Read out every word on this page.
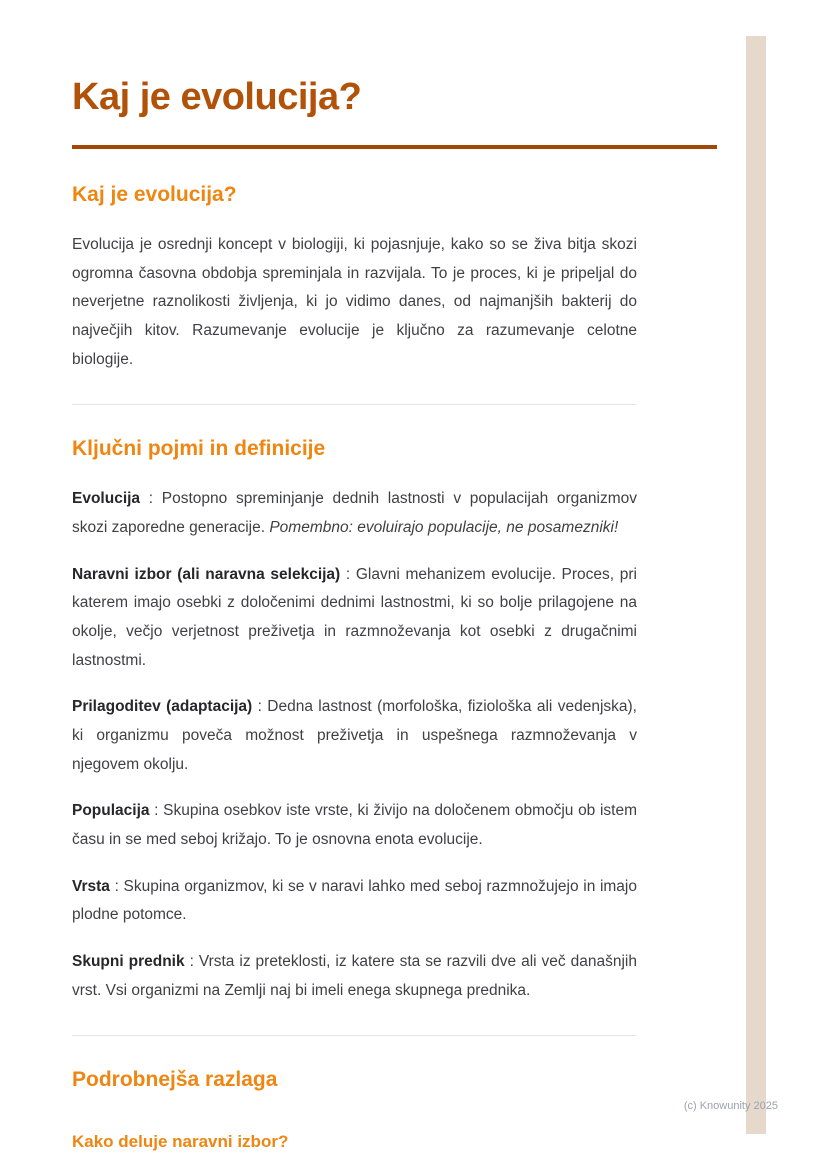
Kaj je evolucija?
Kaj je evolucija?

Evolucija je osrednji koncept v biologiji, ki pojasnjuje, kako so se živa bitja skozi ogromna časovna obdobja spreminjala in razvijala. To je proces, ki je pripeljal do neverjetne raznolikosti življenja, ki jo vidimo danes, od najmanjših bakterij do največjih kitov. Razumevanje evolucije je ključno za razumevanje celotne biologije.

Ključni pojmi in definicije

Evolucija : Postopno spreminjanje dednih lastnosti v populacijah organizmov skozi zaporedne generacije. Pomembno: evoluirajo populacije, ne posamezniki!

Naravni izbor (ali naravna selekcija) : Glavni mehanizem evolucije. Proces, pri katerem imajo osebki z določenimi dednimi lastnostmi, ki so bolje prilagojene na okolje, večjo verjetnost preživetja in razmnoževanja kot osebki z drugačnimi lastnostmi.

Prilagoditev (adaptacija) : Dedna lastnost (morfološka, fiziološka ali vedenjska), ki organizmu poveča možnost preživetja in uspešnega razmnoževanja v njegovem okolju.

Populacija : Skupina osebkov iste vrste, ki živijo na določenem območju ob istem času in se med seboj križajo. To je osnovna enota evolucije.

Vrsta : Skupina organizmov, ki se v naravi lahko med seboj razmnožujejo in imajo plodne potomce.

Skupni prednik : Vrsta iz preteklosti, iz katere sta se razvili dve ali več današnjih vrst. Vsi organizmi na Zemlji naj bi imeli enega skupnega prednika.

Podrobnejša razlaga
Kako deluje naravni izbor?
(c) Knowunity 2025
